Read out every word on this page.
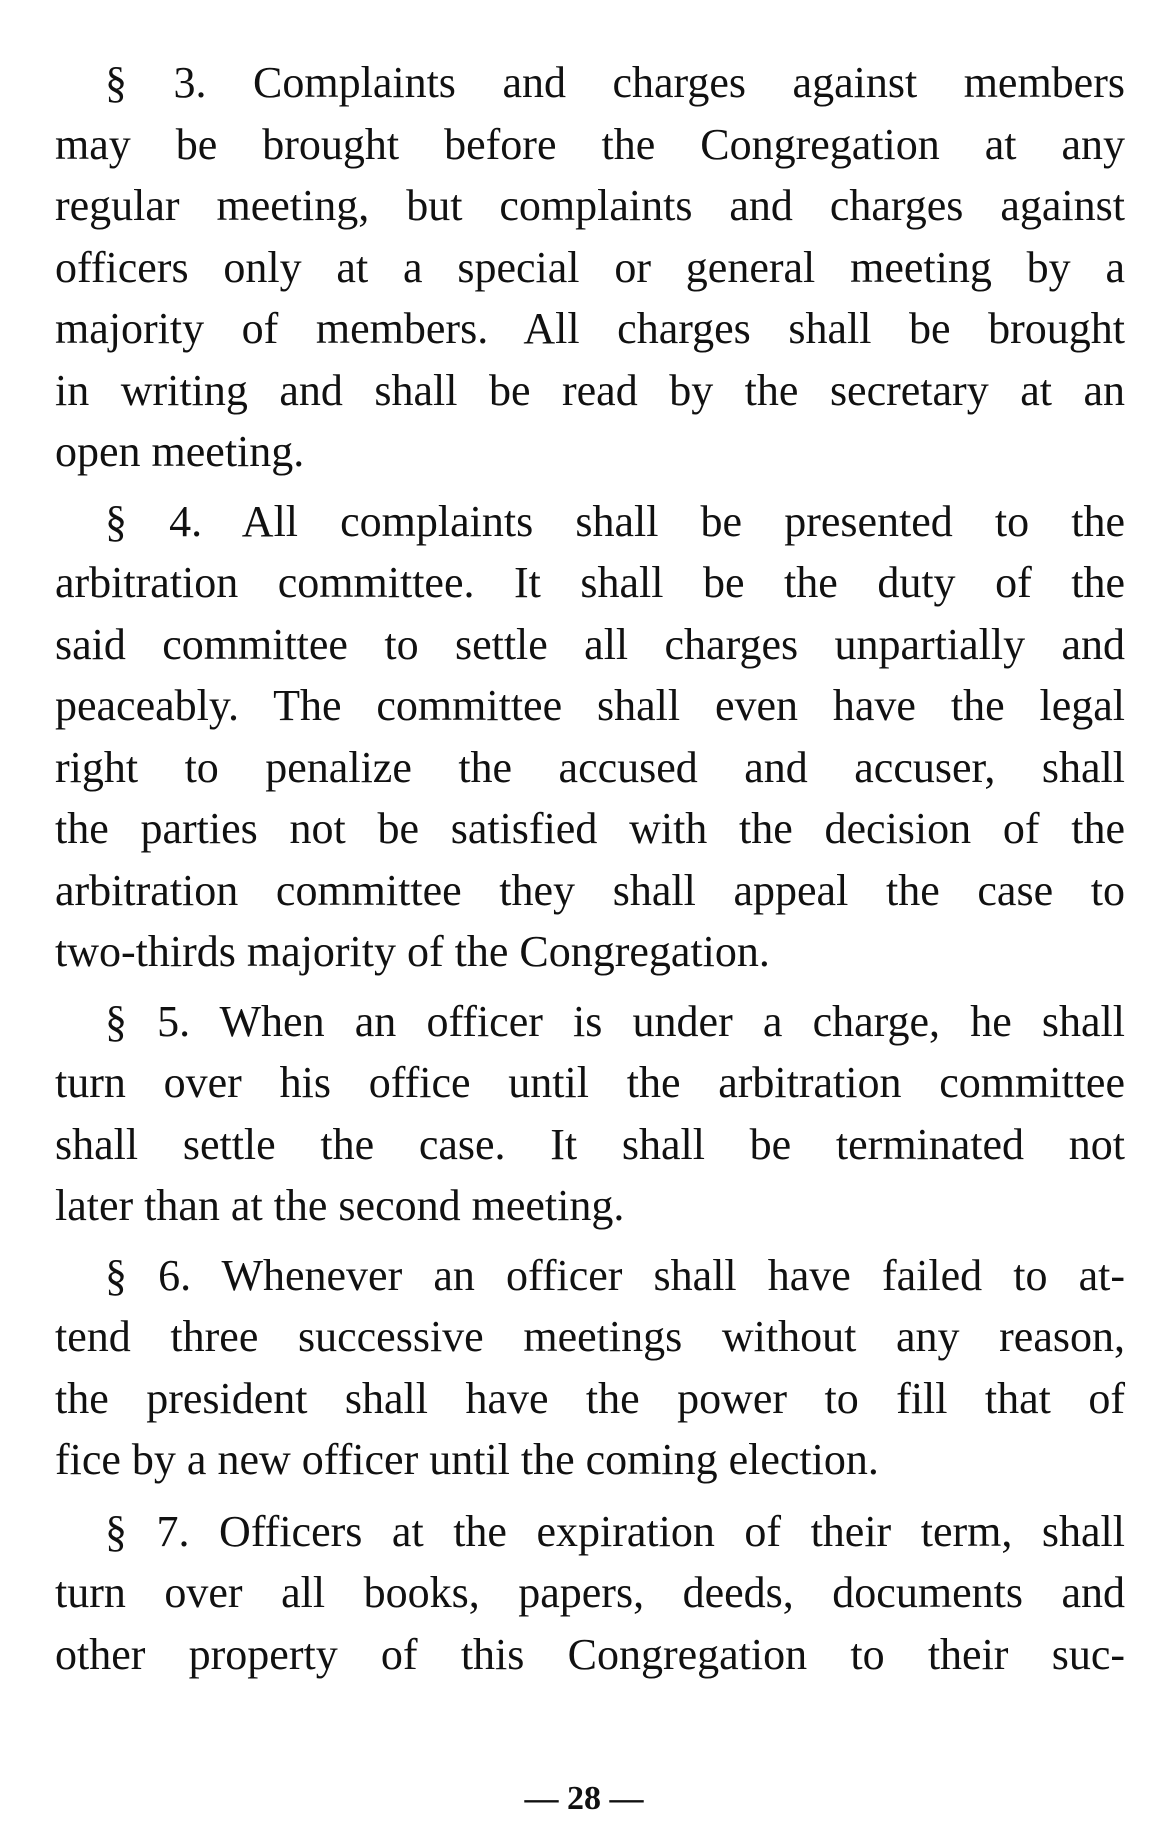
§ 3. Complaints and charges against members
may be brought before the Congregation at any
regular meeting, but complaints and charges against
officers only at a special or general meeting by a
majority of members. All charges shall be brought
in writing and shall be read by the secretary at an
open meeting.
§ 4. All complaints shall be presented to the
arbitration committee. It shall be the duty of the
said committee to settle all charges unpartially and
peaceably. The committee shall even have the legal
right to penalize the accused and accuser, shall
the parties not be satisfied with the decision of the
arbitration committee they shall appeal the case to
two-thirds majority of the Congregation.
§ 5. When an officer is under a charge, he shall
turn over his office until the arbitration committee
shall settle the case. It shall be terminated not
later than at the second meeting.
§ 6. Whenever an officer shall have failed to at-
tend three successive meetings without any reason,
the president shall have the power to fill that of
fice by a new officer until the coming election.
§ 7. Officers at the expiration of their term, shall
turn over all books, papers, deeds, documents and
other property of this Congregation to their suc-
— 28 —
